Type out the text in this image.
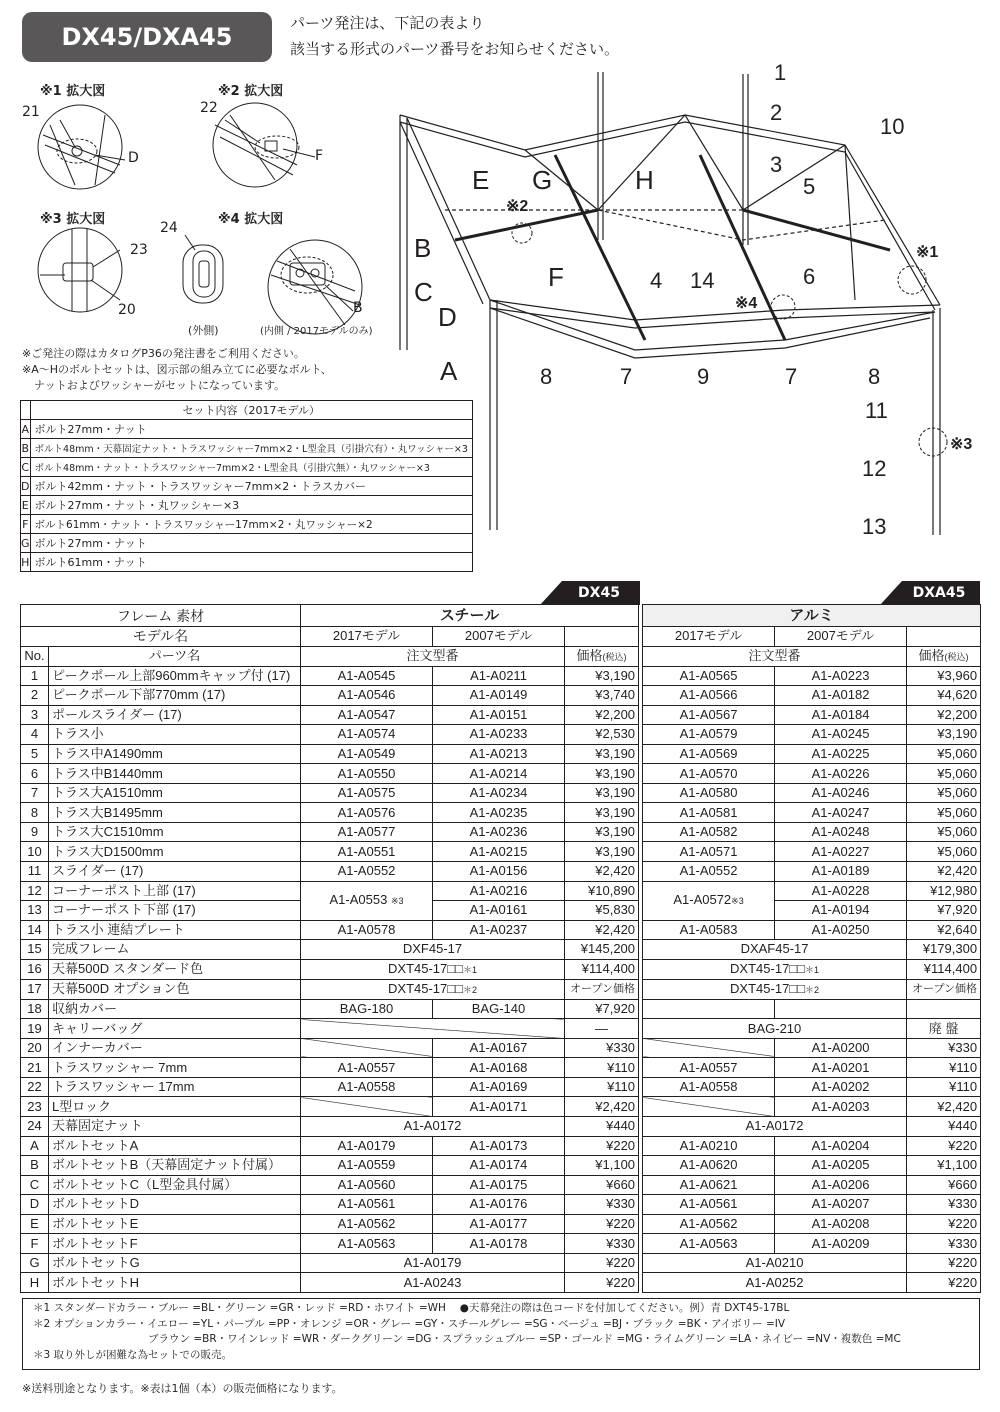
DX45/DXA45	パーツ発注は、下記の表より
該当する形式のパーツ番号をお知らせください。
※1 拡大図	※2 拡大図
※3 拡大図	※4 拡大図
21
D
22
F
23
20
24
B
(外側)	(内側 / 2017モデルのみ)
※ご発注の際はカタログP36の発注書をご利用ください。
※A〜Hのボルトセットは、図示部の組み立てに必要なボルト、
ナットおよびワッシャーがセットになっています。
1
2
3
4
5
6
7	7
8	8
9
10
11
12
13
14
A
B
C
D
E
F
G	H
※1
※2
※3
※4
	セット内容（2017モデル）
A	ボルト27mm・ナット
B	ボルト48mm・天幕固定ナット・トラスワッシャー7mm×2・L型金具（引掛穴有）・丸ワッシャー×3
C	ボルト48mm・ナット・トラスワッシャー7mm×2・L型金具（引掛穴無）・丸ワッシャー×3
D	ボルト42mm・ナット・トラスワッシャー7mm×2・トラスカバー
E	ボルト27mm・ナット・丸ワッシャー×3
F	ボルト61mm・ナット・トラスワッシャー17mm×2・丸ワッシャー×2
G	ボルト27mm・ナット
H	ボルト61mm・ナット
DX45	DXA45
フレーム 素材		スチール				アルミ		
モデル名		2017モデル	2007モデル			2017モデル	2007モデル	
No.	パーツ名	注文型番		価格(税込)		注文型番		価格(税込)
1	ピークポール上部960mmキャップ付 (17)	A1-A0545	A1-A0211	¥3,190		A1-A0565	A1-A0223	¥3,960
2	ピークポール下部770mm (17)	A1-A0546	A1-A0149	¥3,740		A1-A0566	A1-A0182	¥4,620
3	ポールスライダー (17)	A1-A0547	A1-A0151	¥2,200		A1-A0567	A1-A0184	¥2,200
4	トラス小	A1-A0574	A1-A0233	¥2,530		A1-A0579	A1-A0245	¥3,190
5	トラス中A1490mm	A1-A0549	A1-A0213	¥3,190		A1-A0569	A1-A0225	¥5,060
6	トラス中B1440mm	A1-A0550	A1-A0214	¥3,190		A1-A0570	A1-A0226	¥5,060
7	トラス大A1510mm	A1-A0575	A1-A0234	¥3,190		A1-A0580	A1-A0246	¥5,060
8	トラス大B1495mm	A1-A0576	A1-A0235	¥3,190		A1-A0581	A1-A0247	¥5,060
9	トラス大C1510mm	A1-A0577	A1-A0236	¥3,190		A1-A0582	A1-A0248	¥5,060
10	トラス大D1500mm	A1-A0551	A1-A0215	¥3,190		A1-A0571	A1-A0227	¥5,060
11	スライダー (17)	A1-A0552	A1-A0156	¥2,420		A1-A0552	A1-A0189	¥2,420
12	コーナーポスト上部 (17)	A1-A0553 ※3	A1-A0216	¥10,890		A1-A0572※3	A1-A0228	¥12,980
13	コーナーポスト下部 (17)		A1-A0161	¥5,830			A1-A0194	¥7,920
14	トラス小 連結プレート	A1-A0578	A1-A0237	¥2,420		A1-A0583	A1-A0250	¥2,640
15	完成フレーム	DXF45-17		¥145,200		DXAF45-17		¥179,300
16	天幕500D スタンダード色	DXT45-17□□＊1		¥114,400		DXT45-17□□＊1		¥114,400
17	天幕500D オプション色	DXT45-17□□＊2		オープン価格		DXT45-17□□＊2		オープン価格
18	収納カバー	BAG-180	BAG-140	¥7,920				
19	キャリーバッグ			—		BAG-210		廃 盤
20	インナーカバー		A1-A0167	¥330			A1-A0200	¥330
21	トラスワッシャー 7mm	A1-A0557	A1-A0168	¥110		A1-A0557	A1-A0201	¥110
22	トラスワッシャー 17mm	A1-A0558	A1-A0169	¥110		A1-A0558	A1-A0202	¥110
23	L型ロック		A1-A0171	¥2,420			A1-A0203	¥2,420
24	天幕固定ナット	A1-A0172		¥440		A1-A0172		¥440
A	ボルトセットA	A1-A0179	A1-A0173	¥220		A1-A0210	A1-A0204	¥220
B	ボルトセットB（天幕固定ナット付属）	A1-A0559	A1-A0174	¥1,100		A1-A0620	A1-A0205	¥1,100
C	ボルトセットC（L型金具付属）	A1-A0560	A1-A0175	¥660		A1-A0621	A1-A0206	¥660
D	ボルトセットD	A1-A0561	A1-A0176	¥330		A1-A0561	A1-A0207	¥330
E	ボルトセットE	A1-A0562	A1-A0177	¥220		A1-A0562	A1-A0208	¥220
F	ボルトセットF	A1-A0563	A1-A0178	¥330		A1-A0563	A1-A0209	¥330
G	ボルトセットG	A1-A0179		¥220		A1-A0210		¥220
H	ボルトセットH	A1-A0243		¥220		A1-A0252		¥220
＊1 スタンダードカラー・ブルー =BL・グリーン =GR・レッド =RD・ホワイト =WH　 ●天幕発注の際は色コードを付加してください。例）青 DXT45-17BL
＊2 オプションカラー・イエロー =YL・パープル =PP・オレンジ =OR・グレー =GY・スチールグレー =SG・ベージュ =BJ・ブラック =BK・アイボリー =IV
ブラウン =BR・ワインレッド =WR・ダークグリーン =DG・スプラッシュブルー =SP・ゴールド =MG・ライムグリーン =LA・ネイビー =NV・複数色 =MC
＊3 取り外しが困難な為セットでの販売。
※送料別途となります。※表は1個（本）の販売価格になります。
